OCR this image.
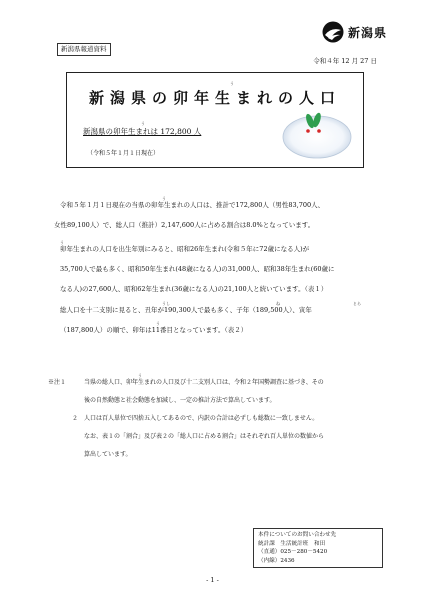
新潟県
新潟県報道資料
令和４年 12 月 27 日
う
新潟県の卯年生まれの人口
う
新潟県の卯年生まれは 172,800 人
（令和５年１月１日現在）
う
令和５年１月１日現在の当県の卯年生まれの人口は、推計で172,800人（男性83,700人、
女性89,100人）で、総人口（推計）2,147,600人に占める割合は8.0%となっています。
う
卯年生まれの人口を出生年別にみると、昭和26年生まれ(令和５年に72歳になる人)が
35,700人で最も多く、昭和50年生まれ(48歳になる人)の31,000人、昭和38年生まれ(60歳に
なる人)の27,600人、昭和62年生まれ(36歳になる人)の21,100人と続いています。（表１）
うし	ね	とら
う
総人口を十二支別に見ると、丑年が190,300人で最も多く、子年（189,500人）、寅年
（187,800人）の順で、卯年は11番目となっています。（表２）
う
※注１	当県の総人口、卯年生まれの人口及び十二支別人口は、令和２年国勢調査に基づき、その
後の自然動態と社会動態を加減し、一定の推計方法で算出しています。
２ 人口は百人単位で四捨五入してあるので、内訳の合計は必ずしも総数に一致しません。
なお、表１の「割合」及び表２の「総人口に占める割合」はそれぞれ百人単位の数値から
算出しています。
本件についてのお問い合わせ先
統計課　生活統計班　和田
（直通）025－280－5420
（内線）2436
- 1 -
